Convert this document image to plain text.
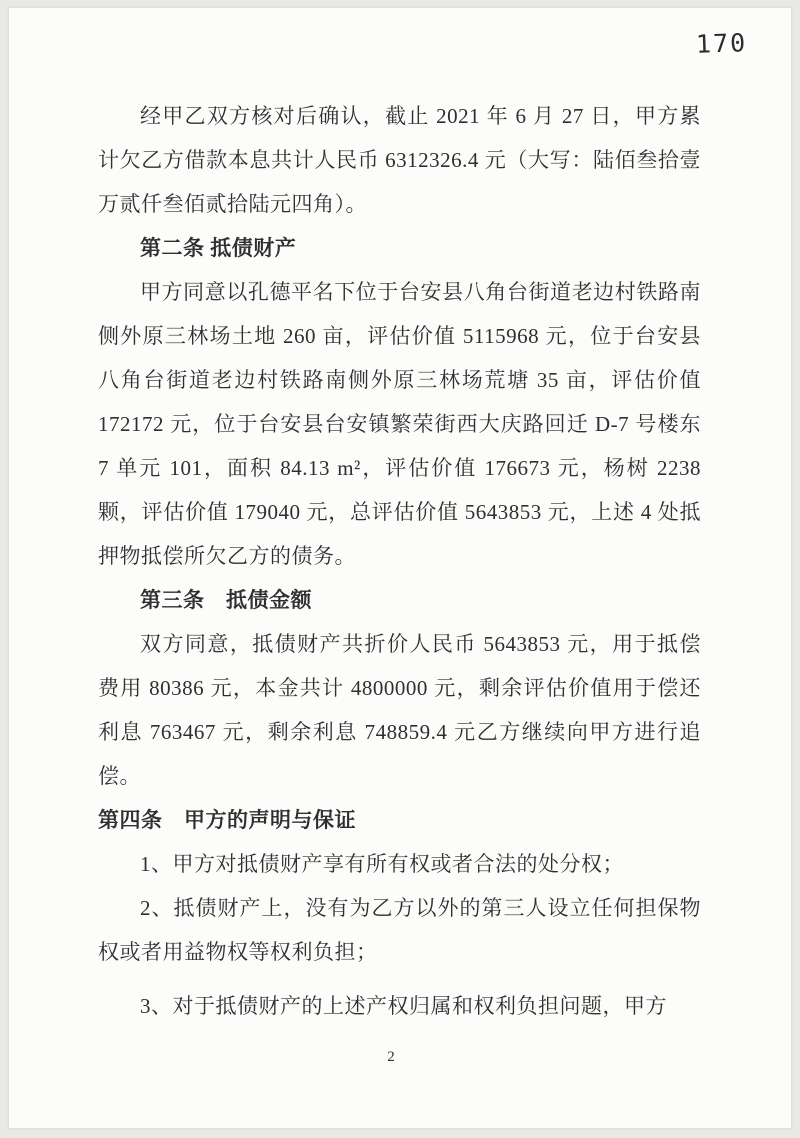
170

经甲乙双方核对后确认，截止 2021 年 6 月 27 日，甲方累计欠乙方借款本息共计人民币 6312326.4 元（大写：陆佰叁拾壹万贰仟叁佰贰拾陆元四角）。

第二条 抵债财产

甲方同意以孔德平名下位于台安县八角台街道老边村铁路南侧外原三林场土地 260 亩，评估价值 5115968 元，位于台安县八角台街道老边村铁路南侧外原三林场荒塘 35 亩，评估价值 172172 元，位于台安县台安镇繁荣街西大庆路回迁 D-7 号楼东 7 单元 101，面积 84.13 m²，评估价值 176673 元，杨树 2238 颗，评估价值 179040 元，总评估价值 5643853 元，上述 4 处抵押物抵偿所欠乙方的债务。

第三条　抵债金额

双方同意，抵债财产共折价人民币 5643853 元，用于抵偿费用 80386 元，本金共计 4800000 元，剩余评估价值用于偿还利息 763467 元，剩余利息 748859.4 元乙方继续向甲方进行追偿。

第四条　甲方的声明与保证

1、甲方对抵债财产享有所有权或者合法的处分权；

2、抵债财产上，没有为乙方以外的第三人设立任何担保物权或者用益物权等权利负担；

3、对于抵债财产的上述产权归属和权利负担问题，甲方

2
